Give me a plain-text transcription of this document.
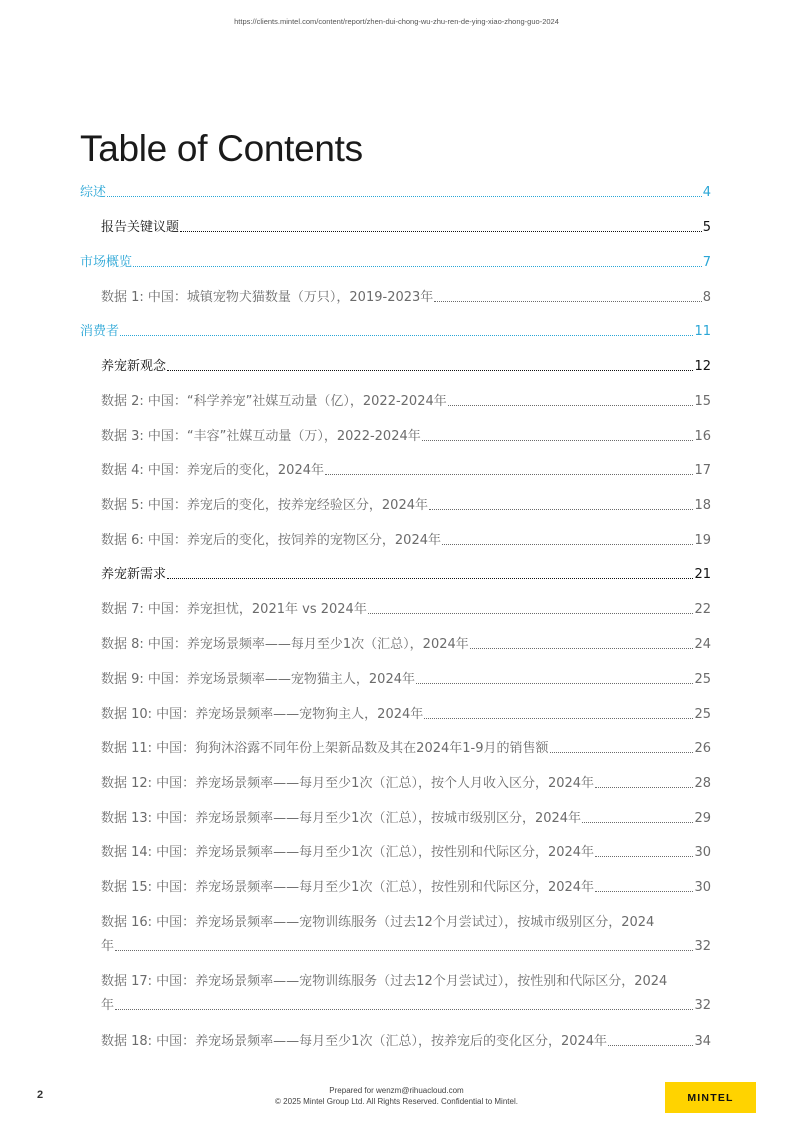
https://clients.mintel.com/content/report/zhen-dui-chong-wu-zhu-ren-de-ying-xiao-zhong-guo-2024
Table of Contents
综述	4
报告关键议题	5
市场概览	7
数据 1: 中国：城镇宠物犬猫数量（万只），2019-2023年	8
消费者	11
养宠新观念	12
数据 2: 中国：“科学养宠”社媒互动量（亿），2022-2024年	15
数据 3: 中国：“丰容”社媒互动量（万），2022-2024年	16
数据 4: 中国：养宠后的变化，2024年	17
数据 5: 中国：养宠后的变化，按养宠经验区分，2024年	18
数据 6: 中国：养宠后的变化，按饲养的宠物区分，2024年	19
养宠新需求	21
数据 7: 中国：养宠担忧，2021年 vs 2024年	22
数据 8: 中国：养宠场景频率——每月至少1次（汇总），2024年	24
数据 9: 中国：养宠场景频率——宠物猫主人，2024年	25
数据 10: 中国：养宠场景频率——宠物狗主人，2024年	25
数据 11: 中国：狗狗沐浴露不同年份上架新品数及其在2024年1-9月的销售额	26
数据 12: 中国：养宠场景频率——每月至少1次（汇总），按个人月收入区分，2024年	28
数据 13: 中国：养宠场景频率——每月至少1次（汇总），按城市级别区分，2024年	29
数据 14: 中国：养宠场景频率——每月至少1次（汇总），按性别和代际区分，2024年	30
数据 15: 中国：养宠场景频率——每月至少1次（汇总），按性别和代际区分，2024年	30
数据 16: 中国：养宠场景频率——宠物训练服务（过去12个月尝试过），按城市级别区分，2024
年	32
数据 17: 中国：养宠场景频率——宠物训练服务（过去12个月尝试过），按性别和代际区分，2024
年	32
数据 18: 中国：养宠场景频率——每月至少1次（汇总），按养宠后的变化区分，2024年	34
2	Prepared for wenzm@rihuacloud.com
© 2025 Mintel Group Ltd. All Rights Reserved. Confidential to Mintel.	MINTEL
